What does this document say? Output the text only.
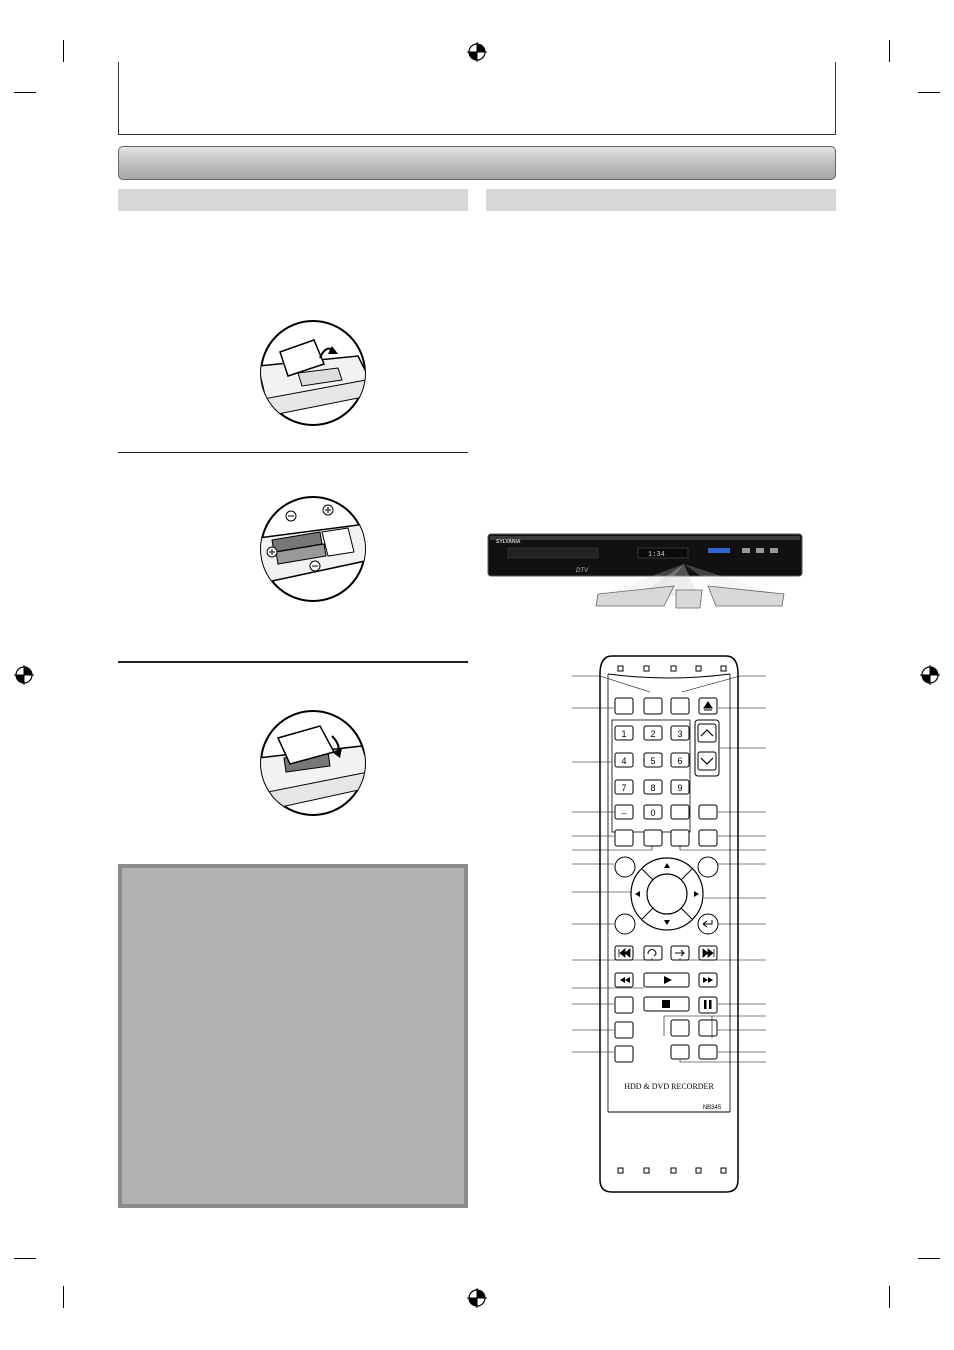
SYLVANIA
1:34
DTV
1	2 3
4	5 6
7	8 9
0
–
HDD & DVD RECORDER
NB345
